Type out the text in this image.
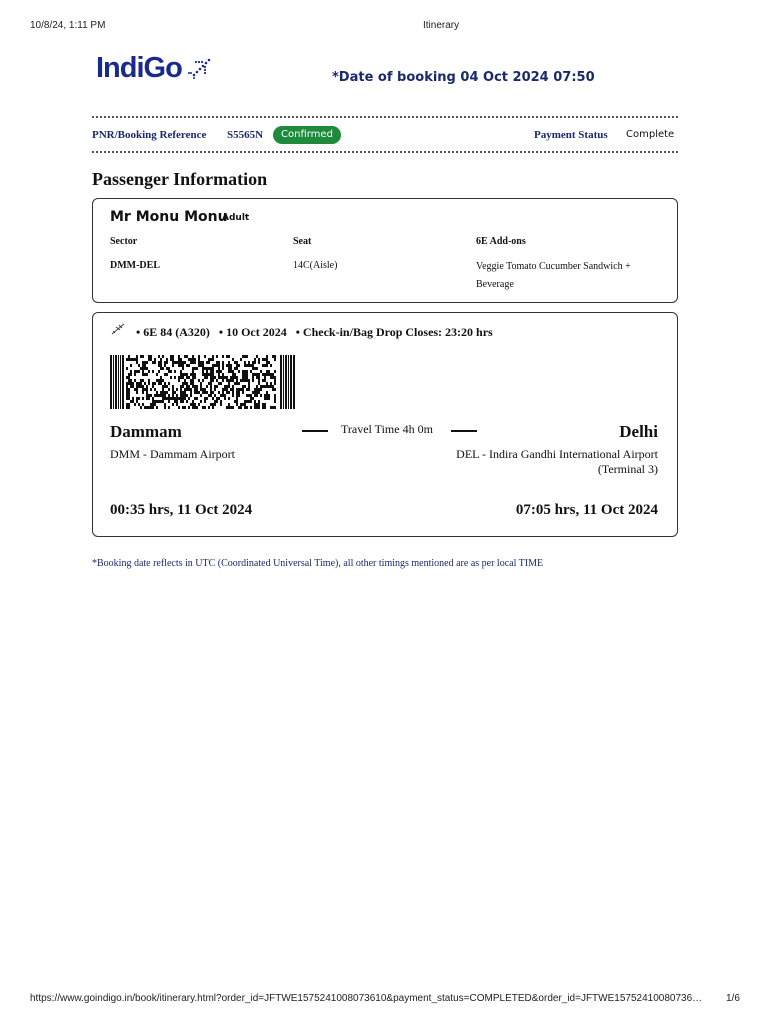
10/8/24, 1:11 PM	Itinerary
IndiGo	*Date of booking 04 Oct 2024 07:50
PNR/Booking Reference S5565N	Confirmed	Payment Status Complete
Passenger Information
Mr Monu Monu
Adult
Sector	Seat	6E Add-ons
DMM-DEL	14C(Aisle)	Veggie Tomato Cucumber Sandwich + Beverage
• 6E 84 (A320) • 10 Oct 2024 • Check-in/Bag Drop Closes: 23:20 hrs
Dammam
DMM - Dammam Airport
Travel Time 4h 0m	Delhi
DEL - Indira Gandhi International Airport
(Terminal 3)
00:35 hrs, 11 Oct 2024	07:05 hrs, 11 Oct 2024
*Booking date reflects in UTC (Coordinated Universal Time), all other timings mentioned are as per local TIME
https://www.goindigo.in/book/itinerary.html?order_id=JFTWE1575241008073610&payment_status=COMPLETED&order_id=JFTWE15752410080736…	1/6
